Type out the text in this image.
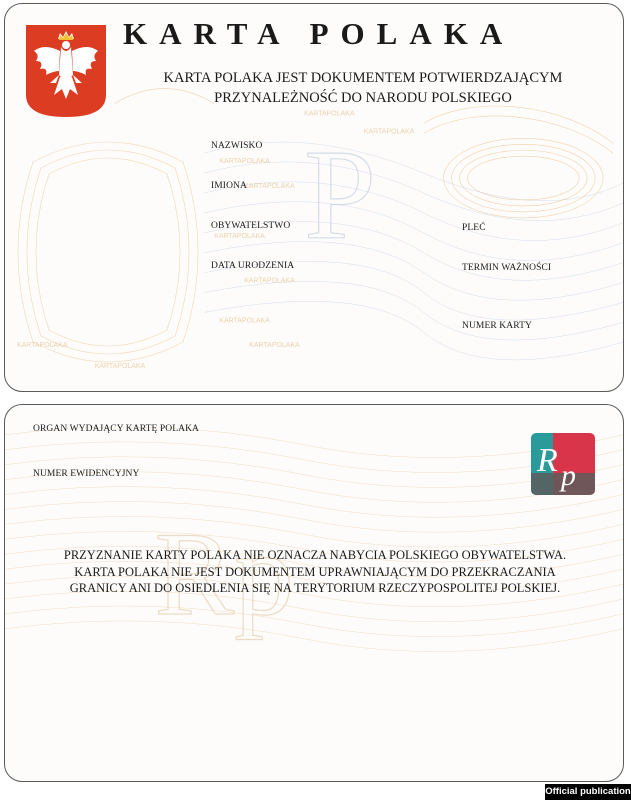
P
KARTAPOLAKA
KARTAPOLAKA
KARTAPOLAKA
KARTAPOLAKA
KARTAPOLAKA
KARTAPOLAKA
KARTAPOLAKA
KARTAPOLAKA
KARTAPOLAKA
KARTAPOLAKA
KARTA POLAKA
KARTA POLAKA JEST DOKUMENTEM POTWIERDZAJĄCYM
PRZYNALEŻNOŚĆ DO NARODU POLSKIEGO
NAZWISKO
IMIONA
OBYWATELSTWO
DATA URODZENIA
PLEĆ
TERMIN WAŻNOŚCI
NUMER KARTY
Rp
ORGAN WYDAJĄCY KARTĘ POLAKA
NUMER EWIDENCYJNY	R p

PRZYZNANIE KARTY POLAKA NIE OZNACZA NABYCIA POLSKIEGO OBYWATELSTWA.

KARTA POLAKA NIE JEST DOKUMENTEM UPRAWNIAJĄCYM DO PRZEKRACZANIA

GRANICY ANI DO OSIEDLENIA SIĘ NA TERYTORIUM RZECZYPOSPOLITEJ POLSKIEJ.

Official publication
